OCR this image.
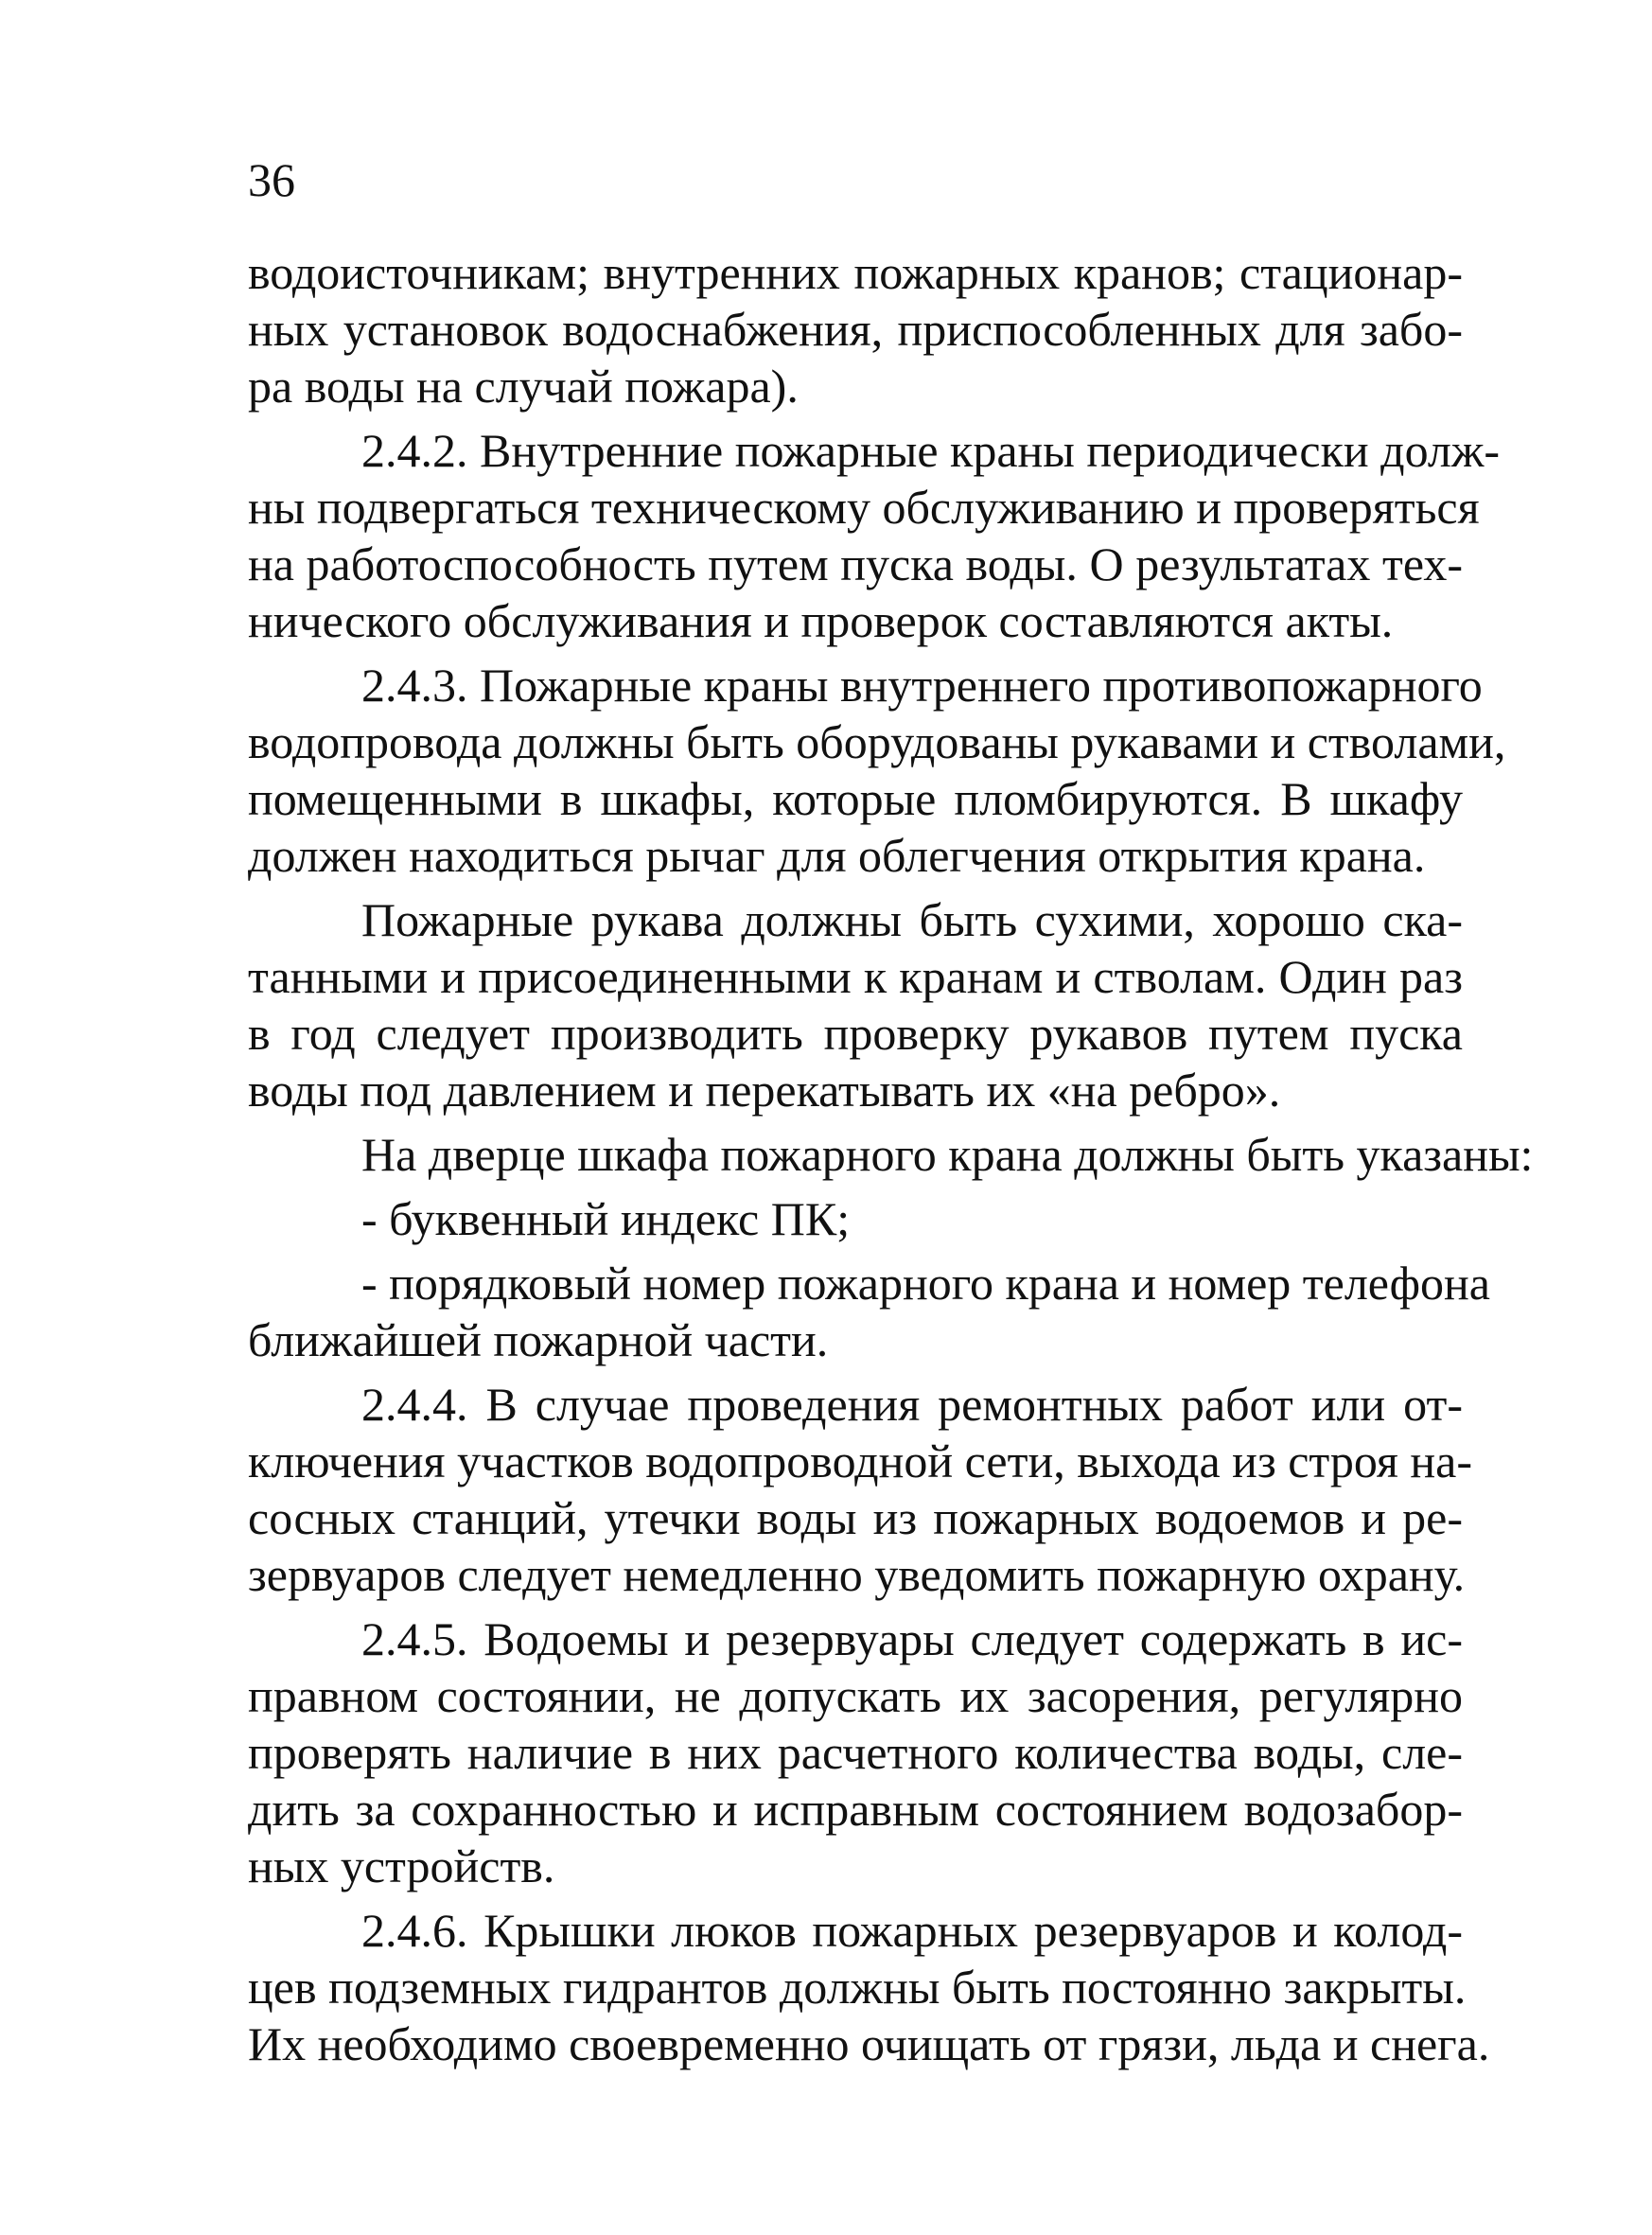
36
водоисточникам; внутренних пожарных кранов; стационар-
ных установок водоснабжения, приспособленных для забо-
ра воды на случай пожара).
2.4.2. Внутренние пожарные краны периодически долж-
ны подвергаться техническому обслуживанию и проверяться
на работоспособность путем пуска воды. О результатах тех-
нического обслуживания и проверок составляются акты.
2.4.3. Пожарные краны внутреннего противопожарного
водопровода должны быть оборудованы рукавами и стволами,
помещенными в шкафы, которые пломбируются. В шкафу
должен находиться рычаг для облегчения открытия крана.
Пожарные рукава должны быть сухими, хорошо ска-
танными и присоединенными к кранам и стволам. Один раз
в год следует производить проверку рукавов путем пуска
воды под давлением и перекатывать их «на ребро».
На дверце шкафа пожарного крана должны быть указаны:
- буквенный индекс ПК;
- порядковый номер пожарного крана и номер телефона
ближайшей пожарной части.
2.4.4. В случае проведения ремонтных работ или от-
ключения участков водопроводной сети, выхода из строя на-
сосных станций, утечки воды из пожарных водоемов и ре-
зервуаров следует немедленно уведомить пожарную охрану.
2.4.5. Водоемы и резервуары следует содержать в ис-
правном состоянии, не допускать их засорения, регулярно
проверять наличие в них расчетного количества воды, сле-
дить за сохранностью и исправным состоянием водозабор-
ных устройств.
2.4.6. Крышки люков пожарных резервуаров и колод-
цев подземных гидрантов должны быть постоянно закрыты.
Их необходимо своевременно очищать от грязи, льда и снега.
